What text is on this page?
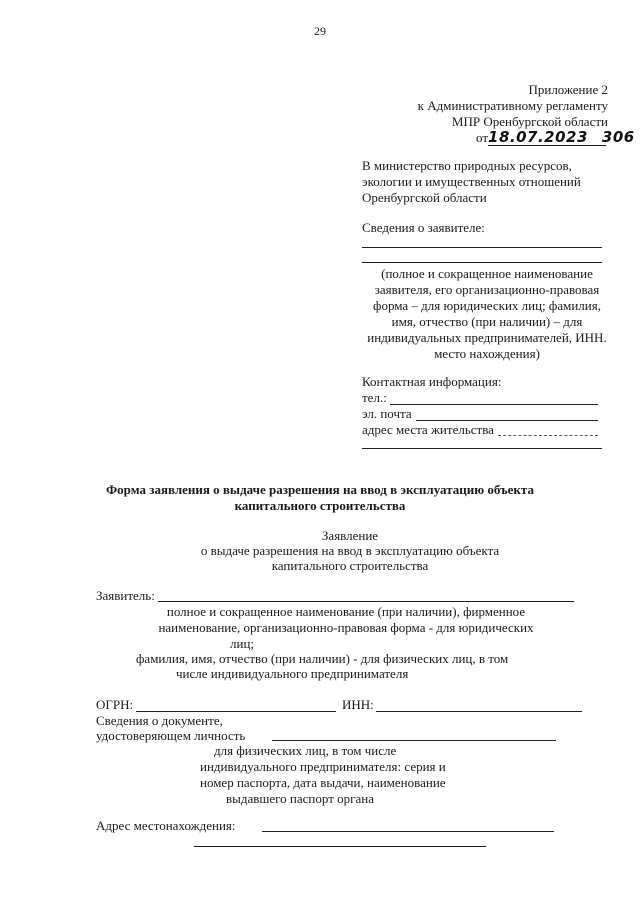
29
Приложение 2
к Административному регламенту
МПР Оренбургской области
от18.07.2023 306
В министерство природных ресурсов,
экологии и имущественных отношений
Оренбургской области
Сведения о заявителе:
(полное и сокращенное наименование
заявителя, его организационно-правовая
форма – для юридических лиц; фамилия,
имя, отчество (при наличии) – для
индивидуальных предпринимателей, ИНН.
место нахождения)
Контактная информация:
тел.:
эл. почта
адрес места жительства
Форма заявления о выдаче разрешения на ввод в эксплуатацию объекта
капитального строительства
Заявление
о выдаче разрешения на ввод в эксплуатацию объекта
капитального строительства
Заявитель:
полное и сокращенное наименование (при наличии), фирменное
наименование, организационно-правовая форма - для юридических
лиц;
фамилия, имя, отчество (при наличии) - для физических лиц, в том
числе индивидуального предпринимателя
ОГРН:	ИНН:
Сведения о документе,
удостоверяющем личность
для физических лиц, в том числе
индивидуального предпринимателя: серия и
номер паспорта, дата выдачи, наименование
выдавшего паспорт органа
Адрес местонахождения:
